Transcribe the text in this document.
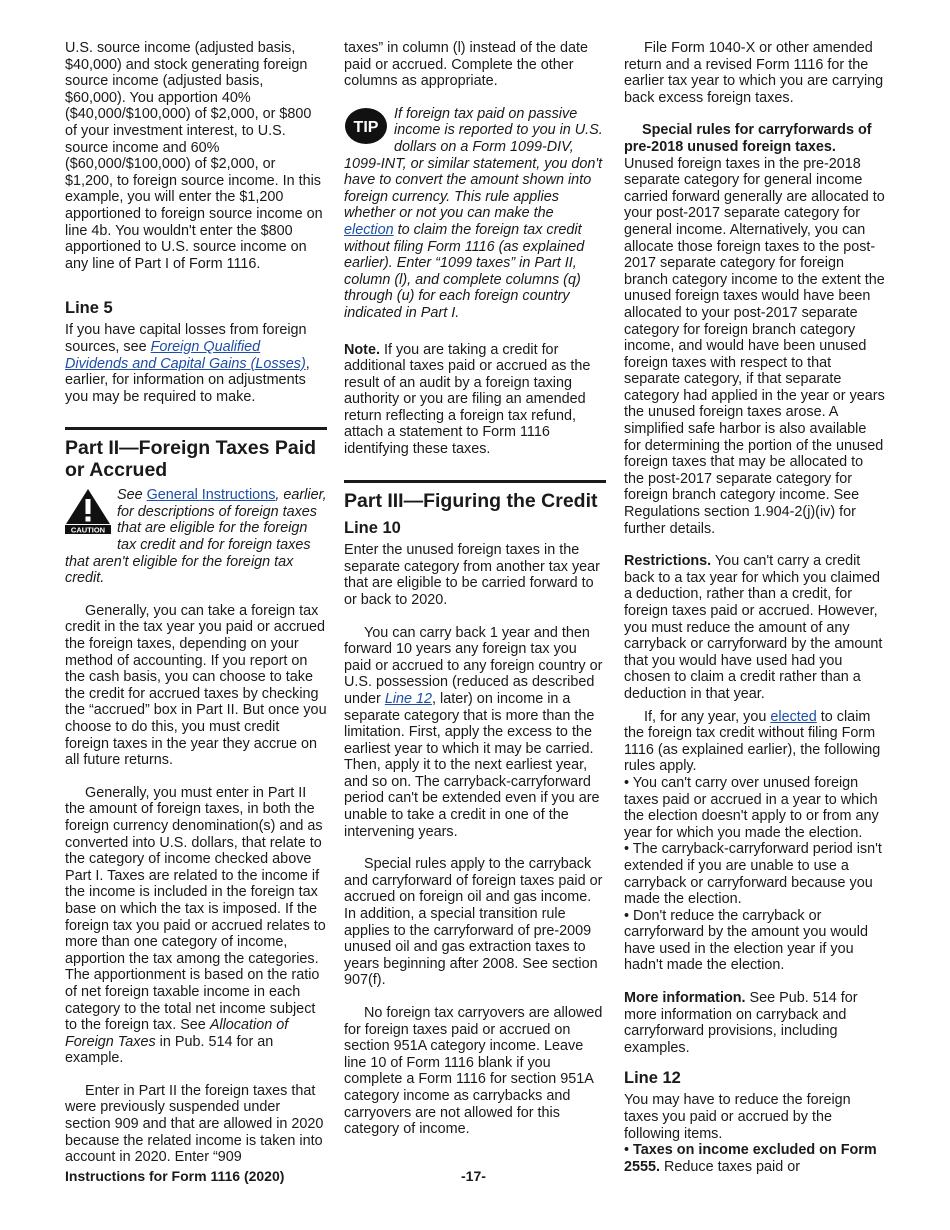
U.S. source income (adjusted basis, $40,000) and stock generating foreign source income (adjusted basis, $60,000). You apportion 40% ($40,000/$100,000) of $2,000, or $800 of your investment interest, to U.S. source income and 60% ($60,000/$100,000) of $2,000, or $1,200, to foreign source income. In this example, you will enter the $1,200 apportioned to foreign source income on line 4b. You wouldn't enter the $800 apportioned to U.S. source income on any line of Part I of Form 1116.

Line 5

If you have capital losses from foreign sources, see Foreign Qualified Dividends and Capital Gains (Losses), earlier, for information on adjustments you may be required to make.

Part II—Foreign Taxes Paid or Accrued
CAUTION

See General Instructions, earlier, for descriptions of foreign taxes that are eligible for the foreign tax credit and for foreign taxes that aren't eligible for the foreign tax credit.

Generally, you can take a foreign tax credit in the tax year you paid or accrued the foreign taxes, depending on your method of accounting. If you report on the cash basis, you can choose to take the credit for accrued taxes by checking the “accrued” box in Part II. But once you choose to do this, you must credit foreign taxes in the year they accrue on all future returns.

Generally, you must enter in Part II the amount of foreign taxes, in both the foreign currency denomination(s) and as converted into U.S. dollars, that relate to the category of income checked above Part I. Taxes are related to the income if the income is included in the foreign tax base on which the tax is imposed. If the foreign tax you paid or accrued relates to more than one category of income, apportion the tax among the categories. The apportionment is based on the ratio of net foreign taxable income in each category to the total net income subject to the foreign tax. See Allocation of Foreign Taxes in Pub. 514 for an example.

Enter in Part II the foreign taxes that were previously suspended under section 909 and that are allowed in 2020 because the related income is taken into account in 2020. Enter “909

taxes” in column (l) instead of the date paid or accrued. Complete the other columns as appropriate.

TIP

If foreign tax paid on passive income is reported to you in U.S. dollars on a Form 1099-DIV, 1099-INT, or similar statement, you don't have to convert the amount shown into foreign currency. This rule applies whether or not you can make the election to claim the foreign tax credit without filing Form 1116 (as explained earlier). Enter “1099 taxes” in Part II, column (l), and complete columns (q) through (u) for each foreign country indicated in Part I.

Note. If you are taking a credit for additional taxes paid or accrued as the result of an audit by a foreign taxing authority or you are filing an amended return reflecting a foreign tax refund, attach a statement to Form 1116 identifying these taxes.

Part III—Figuring the Credit
Line 10

Enter the unused foreign taxes in the separate category from another tax year that are eligible to be carried forward to or back to 2020.

You can carry back 1 year and then forward 10 years any foreign tax you paid or accrued to any foreign country or U.S. possession (reduced as described under Line 12, later) on income in a separate category that is more than the limitation. First, apply the excess to the earliest year to which it may be carried. Then, apply it to the next earliest year, and so on. The carryback-carryforward period can't be extended even if you are unable to take a credit in one of the intervening years.

Special rules apply to the carryback and carryforward of foreign taxes paid or accrued on foreign oil and gas income. In addition, a special transition rule applies to the carryforward of pre-2009 unused oil and gas extraction taxes to years beginning after 2008. See section 907(f).

No foreign tax carryovers are allowed for foreign taxes paid or accrued on section 951A category income. Leave line 10 of Form 1116 blank if you complete a Form 1116 for section 951A category income as carrybacks and carryovers are not allowed for this category of income.

File Form 1040-X or other amended return and a revised Form 1116 for the earlier tax year to which you are carrying back excess foreign taxes.

Special rules for carryforwards of pre-2018 unused foreign taxes. Unused foreign taxes in the pre-2018 separate category for general income carried forward generally are allocated to your post-2017 separate category for general income. Alternatively, you can allocate those foreign taxes to the post-2017 separate category for foreign branch category income to the extent the unused foreign taxes would have been allocated to your post-2017 separate category for foreign branch category income, and would have been unused foreign taxes with respect to that separate category, if that separate category had applied in the year or years the unused foreign taxes arose. A simplified safe harbor is also available for determining the portion of the unused foreign taxes that may be allocated to the post-2017 separate category for foreign branch category income. See Regulations section 1.904-2(j)(iv) for further details.

Restrictions. You can't carry a credit back to a tax year for which you claimed a deduction, rather than a credit, for foreign taxes paid or accrued. However, you must reduce the amount of any carryback or carryforward by the amount that you would have used had you chosen to claim a credit rather than a deduction in that year.

If, for any year, you elected to claim the foreign tax credit without filing Form 1116 (as explained earlier), the following rules apply.

• You can't carry over unused foreign taxes paid or accrued in a year to which the election doesn't apply to or from any year for which you made the election.

• The carryback-carryforward period isn't extended if you are unable to use a carryback or carryforward because you made the election.

• Don't reduce the carryback or carryforward by the amount you would have used in the election year if you hadn't made the election.

More information. See Pub. 514 for more information on carryback and carryforward provisions, including examples.

Line 12

You may have to reduce the foreign taxes you paid or accrued by the following items.

• Taxes on income excluded on Form 2555. Reduce taxes paid or

Instructions for Form 1116 (2020)	-17-
